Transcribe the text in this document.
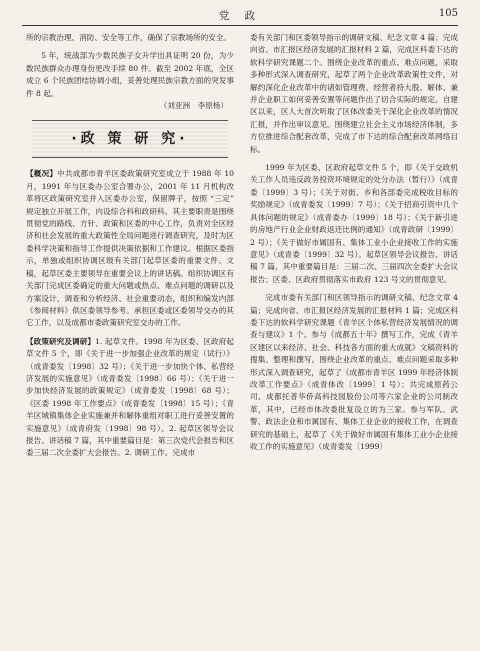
党 政	105

所的宗教治理、消防、安全等工作，确保了宗教场所的安全。

5 年，统战部为少数民族子女升学出具证明 20 份，为少数民族群众办理身份更改手续 80 件。截至 2002 年底，全区成立 6 个民族团结协调小组，妥善处理民族宗教方面的突发事件 8 起。

（刘亚洲　李原杨）

·政 策 研 究·

【概况】中共成都市青羊区委政策研究室成立于 1988 年 10 月，1991 年与区委办公室合署办公，2001 年 11 月机构改革将区政策研究室并入区委办公室，保留牌子，按照 “三定” 规定独立开展工作，内设综合科和政研科。其主要职责是围绕贯彻党的路线、方针、政策和区委的中心工作，负责对全区经济和社会发展的重大政策性全局问题进行调查研究，及时为区委科学决策和指导工作提供决策依据和工作建议。根据区委指示，单独或组织协调区级有关部门起草区委的重要文件、文稿，起草区委主要领导在重要会议上的讲话稿。组织协调区有关部门完成区委确定的重大问题或热点、难点问题的调研以及方案设计，调查和分析经济、社会重要动态，组织和编发内部《参阅材料》供区委领导参考。承担区委或区委领导交办的其它工作，以及成都市委政策研究室交办的工作。

【政策研究及调研】1. 起草文件。1998 年为区委、区政府起草文件 5 个，即《关于进一步加强企业改革的规定（试行）》（成青委发〔1998〕32 号）；《关于进一步加快个体、私营经济发展的实施意见》（成青委发〔1998〕66 号）；《关于进一步加快经济发展的政策规定》（成青委发〔1998〕68 号）；《区委 1998 年工作要点》（成青委发〔1998〕15 号）；《青羊区城镇集体企业实施兼并和解体重组对职工进行妥善安置的实施意见》（成青府发〔1998〕98 号）。2. 起草区领导会议报告、讲话稿 7 篇，其中重要篇目是：第三次党代会报告和区委三届二次全委扩大会报告。2. 调研工作。完成市

委有关部门和区委领导指示的调研文稿、纪念文章 4 篇；完成向省、市汇报区经济发展的汇报材料 2 篇，完成区科委下达的软科学研究课题二个。围绕企业改革的重点、难点问题，采取多种形式深入调查研究，起草了两个企业改革政策性文件，对解约深化企业改革中的诸如管理费、经营者持大股、解体、兼并企业职工如何妥善安置等问题作出了切合实际的规定。自建区以来，区人大首次听取了区体改委关于深化企业改革的情况汇报，并作出审议意见。围绕建立社会主义市场经济体制，多方位推进综合配套改革，完成了市下达的综合配套改革网络目标。

1999 年为区委、区政府起草文件 5 个，即《关于交政机关工作人员违反政务投资环境规定的处分办法（暂行）》（成青委〔1999〕3 号）；《关于对街、乡和各部委完成税收目标的奖励规定》（成青委发〔1999〕7 号）；《关于招商引资中几个具体问题的规定》（成青委办〔1999〕18 号）；《关于新引进的房地产行业企业财政返还比例的通知》（成青政研〔1999〕2 号）；《关于做好市属国有、集体工业小企业接收工作的实施意见》（成青委〔1999〕32 号）。起草区领导会议报告、讲话稿 7 篇，其中重要篇目是：三届二次、三届四次全委扩大会议报告；区委、区政府贯彻落实市政府 123 号文的贯彻意见。

完成市委有关部门和区领导指示的调研文稿、纪念文章 4 篇；完成向省、市汇报区经济发展的汇报材料 1 篇；完成区科委下达的软科学研究课题《青羊区个体私营经济发展情况的调查与建议》1 个。参与《成都五十年》撰写工作，完成《青羊区建区以来经济、社会、科技各方面的重大成就》文稿资料的搜集、整理和撰写。围绕企业改革的重点、难点问题采取多种形式深入调查研究，起草了《成都市青羊区 1999 年经济体制改革工作要点》（成青体改〔1999〕1 号）；共完成原药公司、成都托普华侨高科技园股份公司等六家企业的公司制改革，其中，已经市体改委批复设立的为三家。参与军队、武警、政法企业和市属国有、集体工业企业的接收工作，在调查研究的基础上，起草了《关于做好市属国有集体工业小企业接收工作的实施意见》（成青委发〔1999〕
